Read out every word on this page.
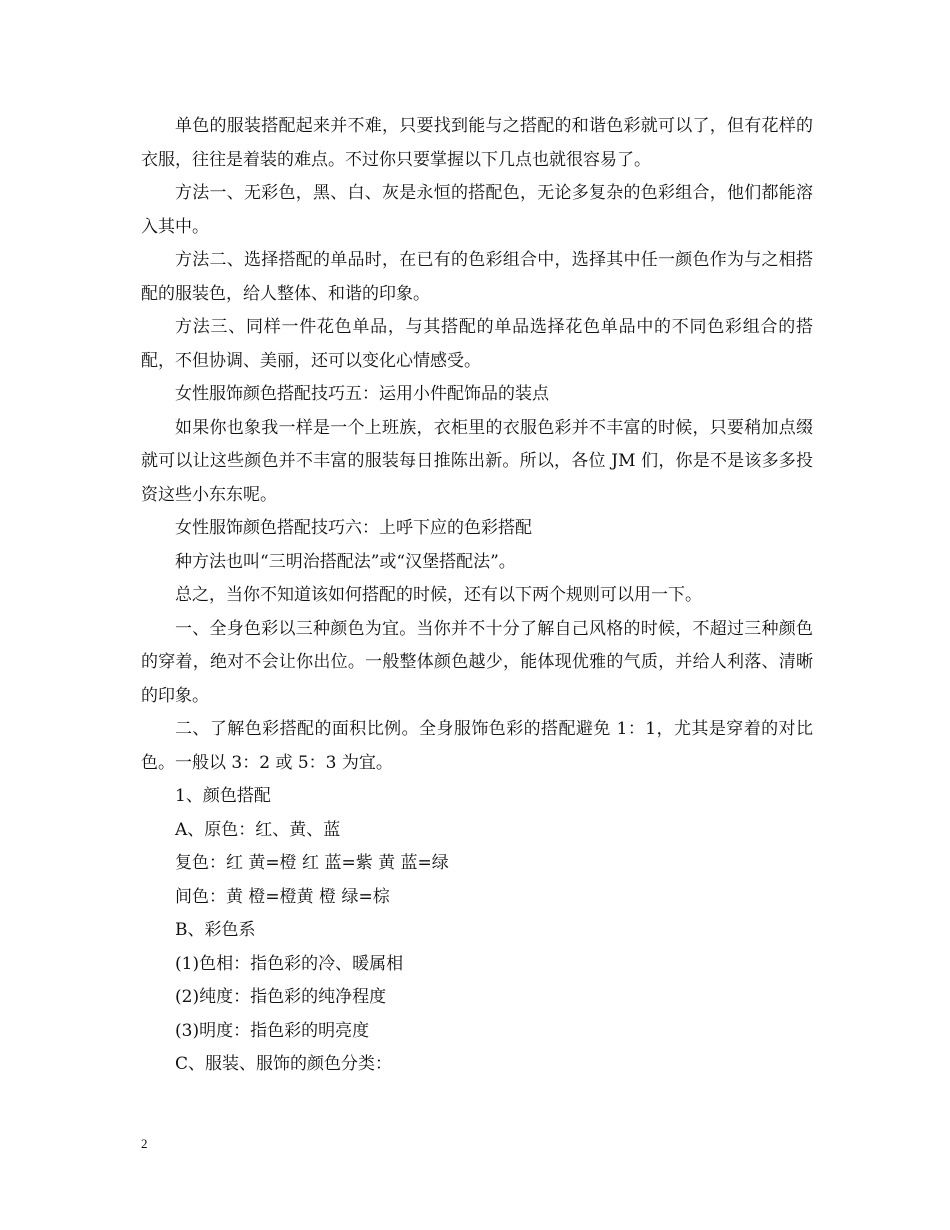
单色的服装搭配起来并不难，只要找到能与之搭配的和谐色彩就可以了，但有花样的衣服，往往是着装的难点。不过你只要掌握以下几点也就很容易了。

方法一、无彩色，黑、白、灰是永恒的搭配色，无论多复杂的色彩组合，他们都能溶入其中。

方法二、选择搭配的单品时，在已有的色彩组合中，选择其中任一颜色作为与之相搭配的服装色，给人整体、和谐的印象。

方法三、同样一件花色单品，与其搭配的单品选择花色单品中的不同色彩组合的搭配，不但协调、美丽，还可以变化心情感受。

女性服饰颜色搭配技巧五：运用小件配饰品的装点

如果你也象我一样是一个上班族，衣柜里的衣服色彩并不丰富的时候，只要稍加点缀就可以让这些颜色并不丰富的服装每日推陈出新。所以，各位 JM 们，你是不是该多多投资这些小东东呢。

女性服饰颜色搭配技巧六：上呼下应的色彩搭配

种方法也叫“三明治搭配法”或“汉堡搭配法”。

总之，当你不知道该如何搭配的时候，还有以下两个规则可以用一下。

一、全身色彩以三种颜色为宜。当你并不十分了解自己风格的时候，不超过三种颜色的穿着，绝对不会让你出位。一般整体颜色越少，能体现优雅的气质，并给人利落、清晰的印象。

二、了解色彩搭配的面积比例。全身服饰色彩的搭配避免 1：1，尤其是穿着的对比色。一般以 3：2 或 5：3 为宜。

1、颜色搭配

A、原色：红、黄、蓝

复色：红 黄=橙 红 蓝=紫 黄 蓝=绿

间色：黄 橙=橙黄 橙 绿=棕

B、彩色系

(1)色相：指色彩的冷、暖属相

(2)纯度：指色彩的纯净程度

(3)明度：指色彩的明亮度

C、服装、服饰的颜色分类：

2
